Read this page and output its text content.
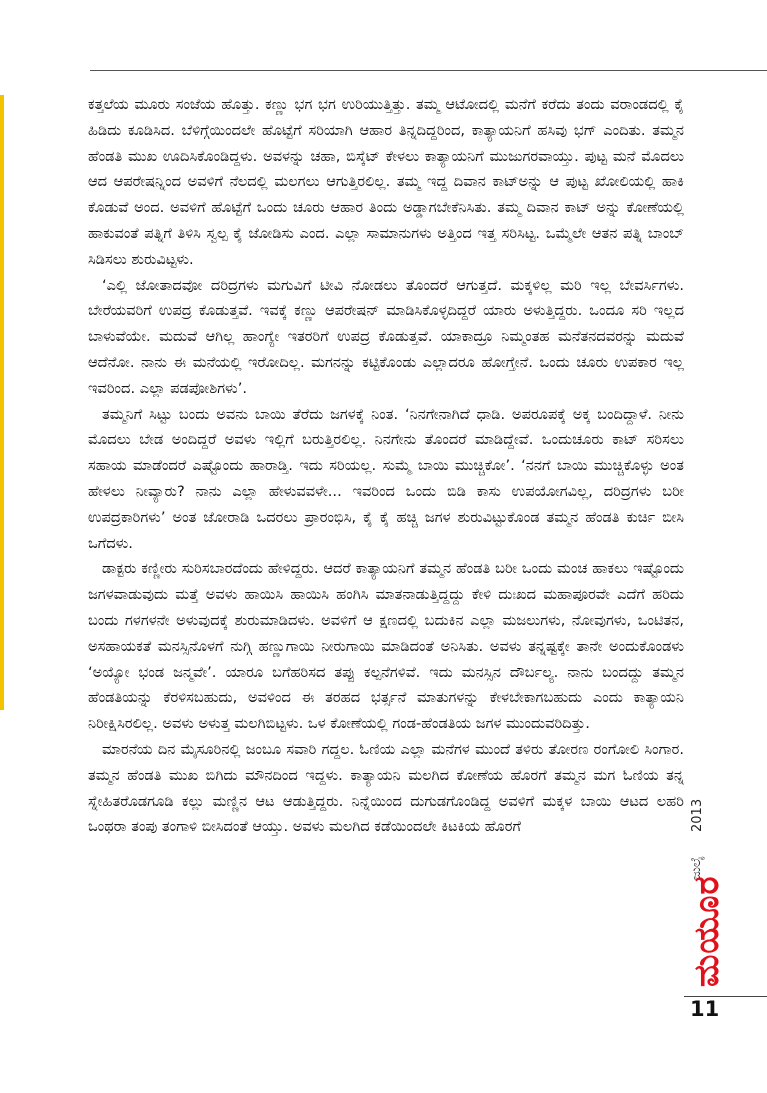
ಕತ್ತಲೆಯ ಮೂರು ಸಂಜೆಯ ಹೊತ್ತು. ಕಣ್ಣು ಭಗ ಭಗ ಉರಿಯುತ್ತಿತ್ತು. ತಮ್ಮ ಆಟೋದಲ್ಲಿ ಮನೆಗೆ ಕರೆದು ತಂದು ವರಾಂಡದಲ್ಲಿ ಕೈ ಹಿಡಿದು ಕೂಡಿಸಿದ. ಬೆಳಿಗ್ಗೆಯಿಂದಲೇ ಹೊಟ್ಟೆಗೆ ಸರಿಯಾಗಿ ಆಹಾರ ತಿನ್ನದಿದ್ದರಿಂದ, ಕಾತ್ಯಾಯನಿಗೆ ಹಸಿವು ಭಗ್ ಎಂದಿತು. ತಮ್ಮನ ಹೆಂಡತಿ ಮುಖ ಊದಿಸಿಕೊಂಡಿದ್ದಳು. ಅವಳನ್ನು ಚಹಾ, ಬಿಸ್ಕೆಟ್ ಕೇಳಲು ಕಾತ್ಯಾಯನಿಗೆ ಮುಜುಗರವಾಯ್ತು. ಪುಟ್ಟ ಮನೆ ಮೊದಲು ಆದ ಆಪರೇಷನ್ನಿಂದ ಅವಳಿಗೆ ನೆಲದಲ್ಲಿ ಮಲಗಲು ಆಗುತ್ತಿರಲಿಲ್ಲ. ತಮ್ಮ ಇದ್ದ ದಿವಾನ ಕಾಟ್‌ಅನ್ನು ಆ ಪುಟ್ಟ ಖೋಲಿಯಲ್ಲಿ ಹಾಕಿ ಕೊಡುವೆ ಅಂದ. ಅವಳಿಗೆ ಹೊಟ್ಟೆಗೆ ಒಂದು ಚೂರು ಆಹಾರ ತಿಂದು ಅಡ್ಡಾಗಬೇಕೆನಿಸಿತು. ತಮ್ಮ ದಿವಾನ ಕಾಟ್ ಅನ್ನು ಕೋಣೆಯಲ್ಲಿ ಹಾಕುವಂತೆ ಪತ್ನಿಗೆ ತಿಳಿಸಿ ಸ್ವಲ್ಪ ಕೈ ಜೋಡಿಸು ಎಂದ. ಎಲ್ಲಾ ಸಾಮಾನುಗಳು ಅತ್ತಿಂದ ಇತ್ತ ಸರಿಸಿಟ್ಟ. ಒಮ್ಮೆಲೇ ಆತನ ಪತ್ನಿ ಬಾಂಬ್ ಸಿಡಿಸಲು ಶುರುವಿಟ್ಟಳು.

‘ಎಲ್ಲಿ ಜೋತಾದವೋ ದರಿದ್ರಗಳು ಮಗುವಿಗೆ ಟೀವಿ ನೋಡಲು ತೊಂದರೆ ಆಗುತ್ತದೆ. ಮಕ್ಕಳಿಲ್ಲ ಮರಿ ಇಲ್ಲ ಬೇವರ್ಸಿಗಳು. ಬೇರೆಯವರಿಗೆ ಉಪದ್ರ ಕೊಡುತ್ತವೆ. ಇವಕ್ಕೆ ಕಣ್ಣು ಆಪರೇಷನ್ ಮಾಡಿಸಿಕೊಳ್ಳದಿದ್ದರೆ ಯಾರು ಅಳುತ್ತಿದ್ದರು. ಒಂದೂ ಸರಿ ಇಲ್ಲದ ಬಾಳುವೆಯೇ. ಮದುವೆ ಆಗಿಲ್ಲ ಹಾಂಗ್ಯೇ ಇತರರಿಗೆ ಉಪದ್ರ ಕೊಡುತ್ತವೆ. ಯಾಕಾದ್ರೂ ನಿಮ್ಮಂತಹ ಮನೆತನದವರನ್ನು ಮದುವೆ ಆದೆನೋ. ನಾನು ಈ ಮನೆಯಲ್ಲಿ ಇರೋದಿಲ್ಲ. ಮಗನನ್ನು ಕಟ್ಟಿಕೊಂಡು ಎಲ್ಲಾದರೂ ಹೋಗ್ತೇನೆ. ಒಂದು ಚೂರು ಉಪಕಾರ ಇಲ್ಲ ಇವರಿಂದ. ಎಲ್ಲಾ ಪಡಪೋಶಿಗಳು’.

ತಮ್ಮನಿಗೆ ಸಿಟ್ಟು ಬಂದು ಅವನು ಬಾಯಿ ತೆರೆದು ಜಗಳಕ್ಕೆ ನಿಂತ. ‘ನಿನಗೇನಾಗಿದೆ ಧಾಡಿ. ಅಪರೂಪಕ್ಕೆ ಅಕ್ಕ ಬಂದಿದ್ದಾಳೆ. ನೀನು ಮೊದಲು ಬೇಡ ಅಂದಿದ್ದರೆ ಅವಳು ಇಲ್ಲಿಗೆ ಬರುತ್ತಿರಲಿಲ್ಲ. ನಿನಗೇನು ತೊಂದರೆ ಮಾಡಿದ್ದೇವೆ. ಒಂದುಚೂರು ಕಾಟ್ ಸರಿಸಲು ಸಹಾಯ ಮಾಡೆಂದರೆ ಎಷ್ಟೊಂದು ಹಾರಾಡ್ತಿ. ಇದು ಸರಿಯಲ್ಲ. ಸುಮ್ಮೆ ಬಾಯಿ ಮುಚ್ಚಿಕೋ’. ‘ನನಗೆ ಬಾಯಿ ಮುಚ್ಚಿಕೊಳ್ಳು ಅಂತ ಹೇಳಲು ನೀವ್ಯಾರು? ನಾನು ಎಲ್ಲಾ ಹೇಳುವವಳೇ... ಇವರಿಂದ ಒಂದು ಬಿಡಿ ಕಾಸು ಉಪಯೋಗವಿಲ್ಲ, ದರಿದ್ರಗಳು ಬರೀ ಉಪದ್ರಕಾರಿಗಳು’ ಅಂತ ಜೋರಾಡಿ ಒದರಲು ಪ್ರಾರಂಭಿಸಿ, ಕೈ ಕೈ ಹಚ್ಚಿ ಜಗಳ ಶುರುವಿಟ್ಟುಕೊಂಡ ತಮ್ಮನ ಹೆಂಡತಿ ಕುರ್ಚಿ ಬೀಸಿ ಒಗೆದಳು.

ಡಾಕ್ಟರು ಕಣ್ಣೀರು ಸುರಿಸಬಾರದೆಂದು ಹೇಳಿದ್ದರು. ಆದರೆ ಕಾತ್ಯಾಯನಿಗೆ ತಮ್ಮನ ಹೆಂಡತಿ ಬರೀ ಒಂದು ಮಂಚ ಹಾಕಲು ಇಷ್ಟೊಂದು ಜಗಳವಾಡುವುದು ಮತ್ತೆ ಅವಳು ಹಾಯಿಸಿ ಹಾಯಿಸಿ ಹಂಗಿಸಿ ಮಾತನಾಡುತ್ತಿದ್ದದ್ದು ಕೇಳಿ ದುಃಖದ ಮಹಾಪೂರವೇ ಎದೆಗೆ ಹರಿದು ಬಂದು ಗಳಗಳನೇ ಅಳುವುದಕ್ಕೆ ಶುರುಮಾಡಿದಳು. ಅವಳಿಗೆ ಆ ಕ್ಷಣದಲ್ಲಿ ಬದುಕಿನ ಎಲ್ಲಾ ಮಜಲುಗಳು, ನೋವುಗಳು, ಒಂಟಿತನ, ಅಸಹಾಯಕತೆ ಮನಸ್ಸಿನೊಳಗೆ ನುಗ್ಗಿ ಹಣ್ಣುಗಾಯಿ ನೀರುಗಾಯಿ ಮಾಡಿದಂತೆ ಅನಿಸಿತು. ಅವಳು ತನ್ನಷ್ಟಕ್ಕೇ ತಾನೇ ಅಂದುಕೊಂಡಳು ‘ಅಯ್ಯೋ ಭಂಡ ಜನ್ಮವೇ’. ಯಾರೂ ಬಗೆಹರಿಸದ ತಪ್ಪು ಕಲ್ಪನೆಗಳಿವೆ. ಇದು ಮನಸ್ಸಿನ ದೌರ್ಬಲ್ಯ. ನಾನು ಬಂದದ್ದು ತಮ್ಮನ ಹೆಂಡತಿಯನ್ನು ಕೆರಳಿಸಬಹುದು, ಅವಳಿಂದ ಈ ತರಹದ ಭರ್ತ್ಸನೆ ಮಾತುಗಳನ್ನು ಕೇಳಬೇಕಾಗಬಹುದು ಎಂದು ಕಾತ್ಯಾಯನಿ ನಿರೀಕ್ಷಿಸಿರಲಿಲ್ಲ. ಅವಳು ಅಳುತ್ತ ಮಲಗಿಬಿಟ್ಟಳು. ಒಳ ಕೋಣೆಯಲ್ಲಿ ಗಂಡ-ಹೆಂಡತಿಯ ಜಗಳ ಮುಂದುವರಿದಿತ್ತು.

ಮಾರನೆಯ ದಿನ ಮೈಸೂರಿನಲ್ಲಿ ಜಂಬೂ ಸವಾರಿ ಗದ್ದಲ. ಓಣಿಯ ಎಲ್ಲಾ ಮನೆಗಳ ಮುಂದೆ ತಳಿರು ತೋರಣ ರಂಗೋಲಿ ಸಿಂಗಾರ. ತಮ್ಮನ ಹೆಂಡತಿ ಮುಖ ಬಿಗಿದು ಮೌನದಿಂದ ಇದ್ದಳು. ಕಾತ್ಯಾಯನಿ ಮಲಗಿದ ಕೋಣೆಯ ಹೊರಗೆ ತಮ್ಮನ ಮಗ ಓಣಿಯ ತನ್ನ ಸ್ನೇಹಿತರೊಡಗೂಡಿ ಕಲ್ಲು ಮಣ್ಣಿನ ಆಟ ಆಡುತ್ತಿದ್ದರು. ನಿನ್ನೆಯಿಂದ ದುಗುಡಗೊಂಡಿದ್ದ ಅವಳಿಗೆ ಮಕ್ಕಳ ಬಾಯಿ ಆಟದ ಲಹರಿ ಒಂಥರಾ ತಂಪು ತಂಗಾಳಿ ಬೀಸಿದಂತೆ ಆಯ್ತು. ಅವಳು ಮಲಗಿದ ಕಡೆಯಿಂದಲೇ ಕಿಟಕಿಯ ಹೊರಗೆ	2013
ಜುಲೈ
ಮಯೂರ
11
